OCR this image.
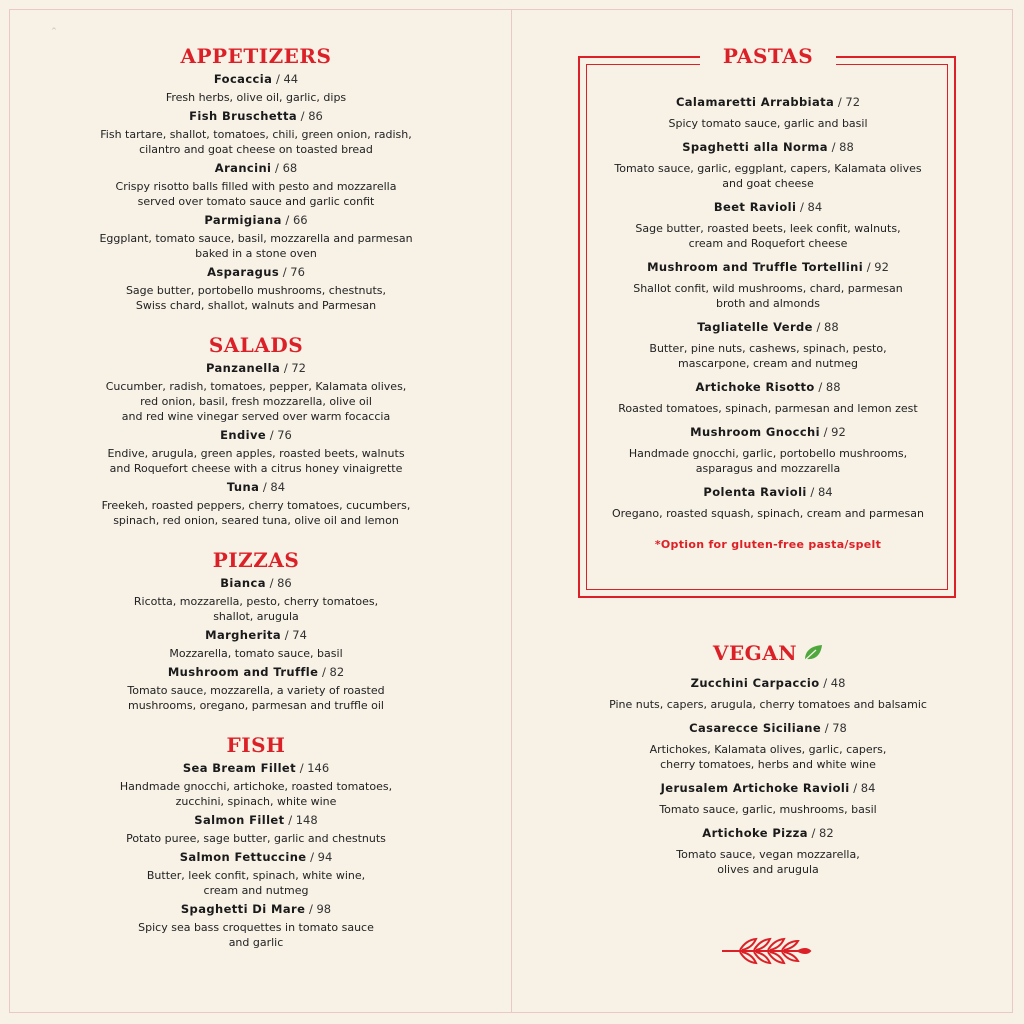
^
APPETIZERS
Focaccia / 44
Fresh herbs, olive oil, garlic, dips
Fish Bruschetta / 86
Fish tartare, shallot, tomatoes, chili, green onion, radish,
cilantro and goat cheese on toasted bread
Arancini / 68
Crispy risotto balls filled with pesto and mozzarella
served over tomato sauce and garlic confit
Parmigiana / 66
Eggplant, tomato sauce, basil, mozzarella and parmesan
baked in a stone oven
Asparagus / 76
Sage butter, portobello mushrooms, chestnuts,
Swiss chard, shallot, walnuts and Parmesan
SALADS
Panzanella / 72
Cucumber, radish, tomatoes, pepper, Kalamata olives,
red onion, basil, fresh mozzarella, olive oil
and red wine vinegar served over warm focaccia
Endive / 76
Endive, arugula, green apples, roasted beets, walnuts
and Roquefort cheese with a citrus honey vinaigrette
Tuna / 84
Freekeh, roasted peppers, cherry tomatoes, cucumbers,
spinach, red onion, seared tuna, olive oil and lemon
PIZZAS
Bianca / 86
Ricotta, mozzarella, pesto, cherry tomatoes,
shallot, arugula
Margherita / 74
Mozzarella, tomato sauce, basil
Mushroom and Truffle / 82
Tomato sauce, mozzarella, a variety of roasted
mushrooms, oregano, parmesan and truffle oil
FISH
Sea Bream Fillet / 146
Handmade gnocchi, artichoke, roasted tomatoes,
zucchini, spinach, white wine
Salmon Fillet / 148
Potato puree, sage butter, garlic and chestnuts
Salmon Fettuccine / 94
Butter, leek confit, spinach, white wine,
cream and nutmeg
Spaghetti Di Mare / 98
Spicy sea bass croquettes in tomato sauce
and garlic
PASTAS
Calamaretti Arrabbiata / 72
Spicy tomato sauce, garlic and basil
Spaghetti alla Norma / 88
Tomato sauce, garlic, eggplant, capers, Kalamata olives
and goat cheese
Beet Ravioli / 84
Sage butter, roasted beets, leek confit, walnuts,
cream and Roquefort cheese
Mushroom and Truffle Tortellini / 92
Shallot confit, wild mushrooms, chard, parmesan
broth and almonds
Tagliatelle Verde / 88
Butter, pine nuts, cashews, spinach, pesto,
mascarpone, cream and nutmeg
Artichoke Risotto / 88
Roasted tomatoes, spinach, parmesan and lemon zest
Mushroom Gnocchi / 92
Handmade gnocchi, garlic, portobello mushrooms,
asparagus and mozzarella
Polenta Ravioli / 84
Oregano, roasted squash, spinach, cream and parmesan
*Option for gluten-free pasta/spelt
VEGAN
Zucchini Carpaccio / 48
Pine nuts, capers, arugula, cherry tomatoes and balsamic
Casarecce Siciliane / 78
Artichokes, Kalamata olives, garlic, capers,
cherry tomatoes, herbs and white wine
Jerusalem Artichoke Ravioli / 84
Tomato sauce, garlic, mushrooms, basil
Artichoke Pizza / 82
Tomato sauce, vegan mozzarella,
olives and arugula
